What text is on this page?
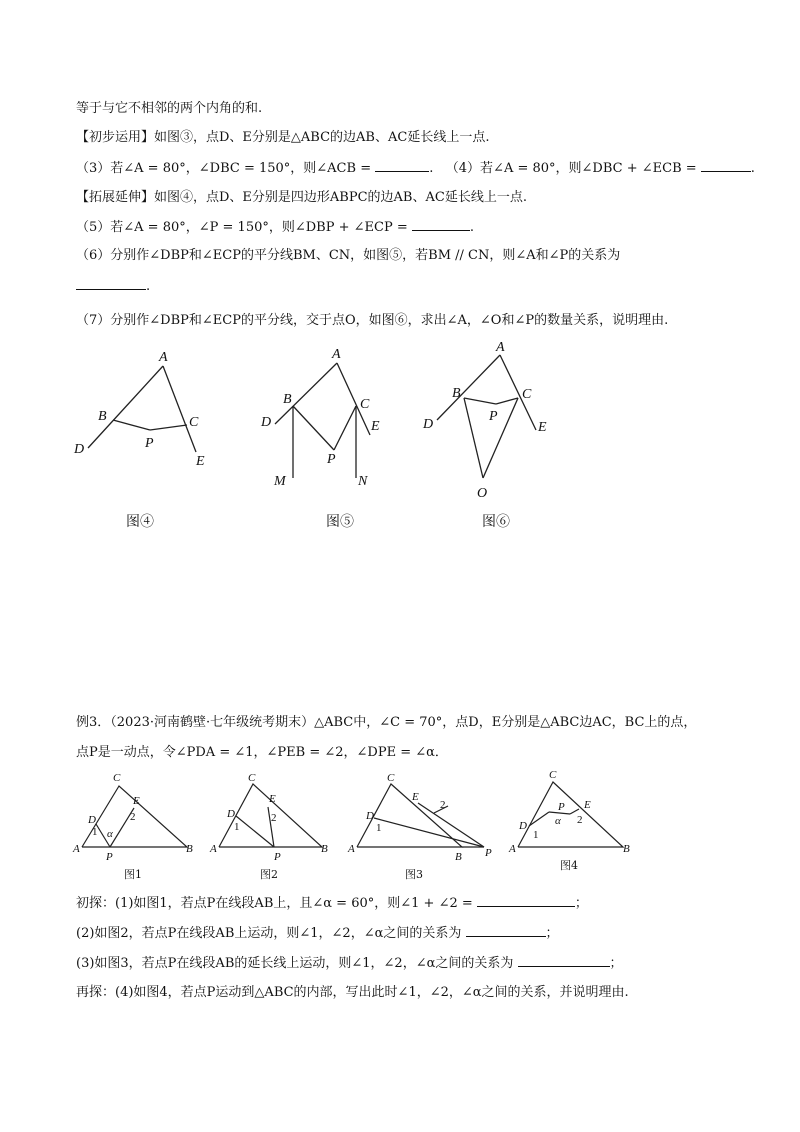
等于与它不相邻的两个内角的和.
【初步运用】如图③，点D、E分别是△ABC的边AB、AC延长线上一点.
（3）若∠A = 80°，∠DBC = 150°，则∠ACB =	. （4）若∠A = 80°，则∠DBC + ∠ECB =	.
【拓展延伸】如图④，点D、E分别是四边形ABPC的边AB、AC延长线上一点.
（5）若∠A = 80°，∠P = 150°，则∠DBP + ∠ECP =	.
（6）分别作∠DBP和∠ECP的平分线BM、CN，如图⑤，若BM // CN，则∠A和∠P的关系为
.
（7）分别作∠DBP和∠ECP的平分线，交于点O，如图⑥，求出∠A，∠O和∠P的数量关系，说明理由.
A
B	C
D
E
P
图④
A
B	C
D	E
P
M	N
图⑤
A
B	C
D	E
P
O
图⑥
例3．（2023·河南鹤壁·七年级统考期末）△ABC中，∠C = 70°，点D，E分别是△ABC边AC，BC上的点，
点P是一动点，令∠PDA = ∠1，∠PEB = ∠2，∠DPE = ∠α．
C
D
E
A	B
P
1
2
α
C
D
E
A	B
P
1
2
C
D
E
A
B P
1
2
C
D
E
A	B
P
1
2
α
图1	图2	图3
图4
初探：(1)如图1，若点P在线段AB上，且∠α = 60°，则∠1 + ∠2 =	；
(2)如图2，若点P在线段AB上运动，则∠1，∠2，∠α之间的关系为	；
(3)如图3，若点P在线段AB的延长线上运动，则∠1，∠2，∠α之间的关系为	；
再探：(4)如图4，若点P运动到△ABC的内部，写出此时∠1，∠2，∠α之间的关系，并说明理由.
